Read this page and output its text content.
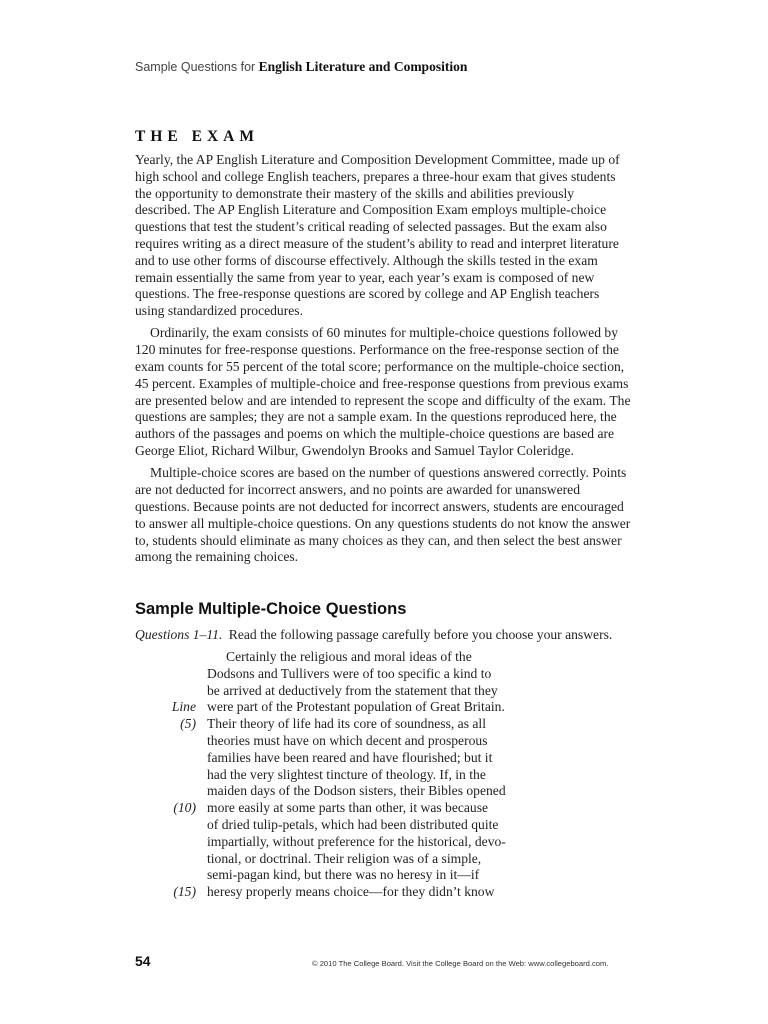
Sample Questions for English Literature and Composition
THE EXAM

Yearly, the AP English Literature and Composition Development Committee, made up of high school and college English teachers, prepares a three-hour exam that gives students the opportunity to demonstrate their mastery of the skills and abilities previously described. The AP English Literature and Composition Exam employs multiple-choice questions that test the student’s critical reading of selected passages. But the exam also requires writing as a direct measure of the student’s ability to read and interpret literature and to use other forms of discourse effectively. Although the skills tested in the exam remain essentially the same from year to year, each year’s exam is composed of new questions. The free-response questions are scored by college and AP English teachers using standardized procedures.

Ordinarily, the exam consists of 60 minutes for multiple-choice questions followed by 120 minutes for free-response questions. Performance on the free-response section of the exam counts for 55 percent of the total score; performance on the multiple-choice section, 45 percent. Examples of multiple-choice and free-response questions from previous exams are presented below and are intended to represent the scope and difficulty of the exam. The questions are samples; they are not a sample exam. In the questions reproduced here, the authors of the passages and poems on which the multiple-choice questions are based are George Eliot, Richard Wilbur, Gwendolyn Brooks and Samuel Taylor Coleridge.

Multiple-choice scores are based on the number of questions answered correctly. Points are not deducted for incorrect answers, and no points are awarded for unanswered questions. Because points are not deducted for incorrect answers, students are encouraged to answer all multiple-choice questions. On any questions students do not know the answer to, students should eliminate as many choices as they can, and then select the best answer among the remaining choices.

Sample Multiple-Choice Questions
Questions 1–11. Read the following passage carefully before you choose your answers.
Certainly the religious and moral ideas of the
Dodsons and Tullivers were of too specific a kind to
be arrived at deductively from the statement that they
Line were part of the Protestant population of Great Britain.
(5) Their theory of life had its core of soundness, as all
theories must have on which decent and prosperous
families have been reared and have flourished; but it
had the very slightest tincture of theology. If, in the
maiden days of the Dodson sisters, their Bibles opened
(10) more easily at some parts than other, it was because
of dried tulip-petals, which had been distributed quite
impartially, without preference for the historical, devo-
tional, or doctrinal. Their religion was of a simple,
semi-pagan kind, but there was no heresy in it—if
(15) heresy properly means choice—for they didn’t know
54	© 2010 The College Board. Visit the College Board on the Web: www.collegeboard.com.
